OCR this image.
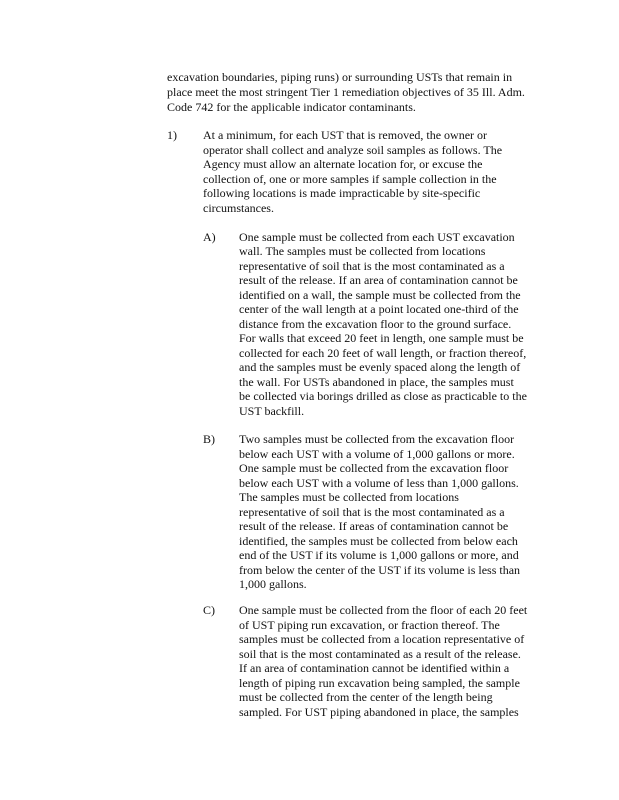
excavation boundaries, piping runs) or surrounding USTs that remain in
place meet the most stringent Tier 1 remediation objectives of 35 Ill. Adm.
Code 742 for the applicable indicator contaminants.
1) At a minimum, for each UST that is removed, the owner or
operator shall collect and analyze soil samples as follows. The
Agency must allow an alternate location for, or excuse the
collection of, one or more samples if sample collection in the
following locations is made impracticable by site-specific
circumstances.
A) One sample must be collected from each UST excavation
wall. The samples must be collected from locations
representative of soil that is the most contaminated as a
result of the release. If an area of contamination cannot be
identified on a wall, the sample must be collected from the
center of the wall length at a point located one-third of the
distance from the excavation floor to the ground surface.
For walls that exceed 20 feet in length, one sample must be
collected for each 20 feet of wall length, or fraction thereof,
and the samples must be evenly spaced along the length of
the wall. For USTs abandoned in place, the samples must
be collected via borings drilled as close as practicable to the
UST backfill.
B) Two samples must be collected from the excavation floor
below each UST with a volume of 1,000 gallons or more.
One sample must be collected from the excavation floor
below each UST with a volume of less than 1,000 gallons.
The samples must be collected from locations
representative of soil that is the most contaminated as a
result of the release. If areas of contamination cannot be
identified, the samples must be collected from below each
end of the UST if its volume is 1,000 gallons or more, and
from below the center of the UST if its volume is less than
1,000 gallons.
C) One sample must be collected from the floor of each 20 feet
of UST piping run excavation, or fraction thereof. The
samples must be collected from a location representative of
soil that is the most contaminated as a result of the release.
If an area of contamination cannot be identified within a
length of piping run excavation being sampled, the sample
must be collected from the center of the length being
sampled. For UST piping abandoned in place, the samples
